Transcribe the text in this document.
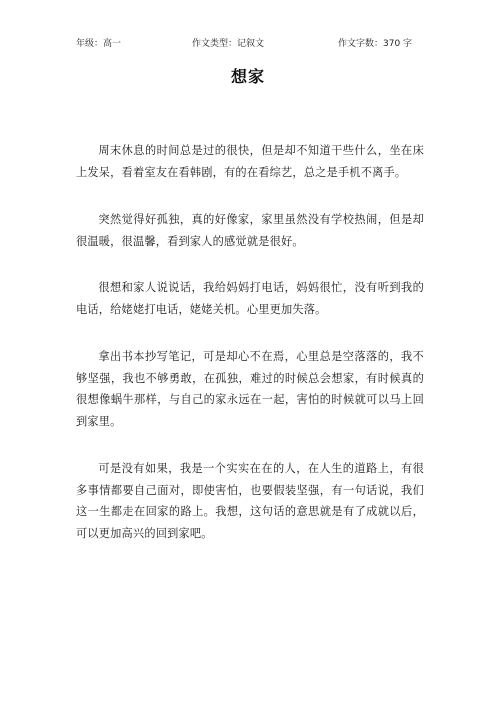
年级：高一	作文类型：记叙文	作文字数：370 字
想家

周末休息的时间总是过的很快，但是却不知道干些什么，坐在床上发呆，看着室友在看韩剧，有的在看综艺，总之是手机不离手。

突然觉得好孤独，真的好像家，家里虽然没有学校热闹，但是却很温暖，很温馨，看到家人的感觉就是很好。

很想和家人说说话，我给妈妈打电话，妈妈很忙，没有听到我的电话，给姥姥打电话，姥姥关机。心里更加失落。

拿出书本抄写笔记，可是却心不在焉，心里总是空落落的，我不够坚强，我也不够勇敢，在孤独，难过的时候总会想家，有时候真的很想像蜗牛那样，与自己的家永远在一起，害怕的时候就可以马上回到家里。

可是没有如果，我是一个实实在在的人，在人生的道路上，有很多事情都要自己面对，即使害怕，也要假装坚强，有一句话说，我们这一生都走在回家的路上。我想，这句话的意思就是有了成就以后，可以更加高兴的回到家吧。
